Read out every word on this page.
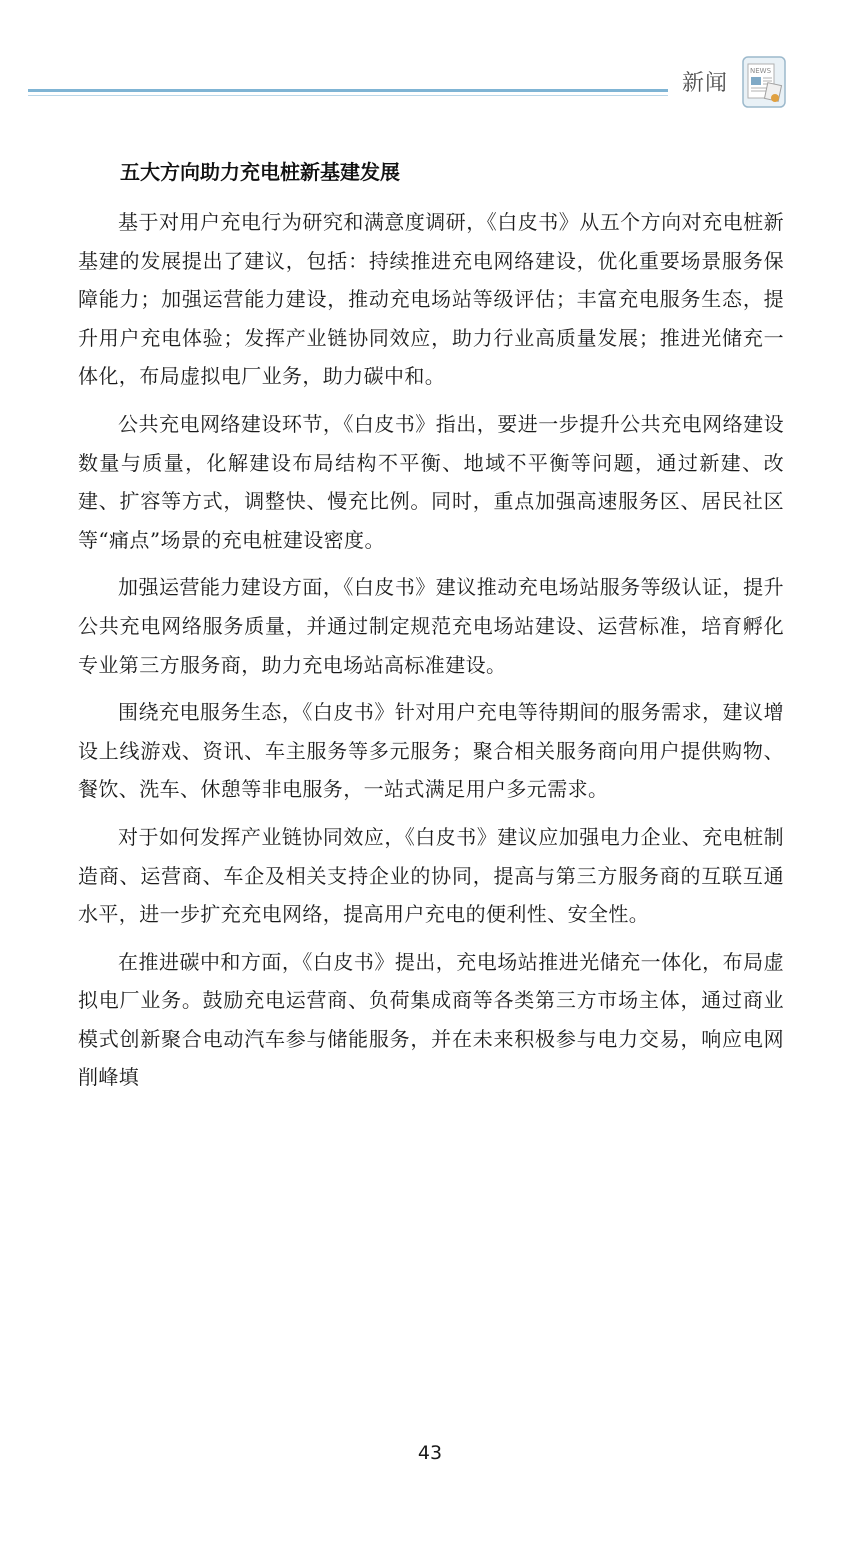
新闻	NEWS
五大方向助力充电桩新基建发展

基于对用户充电行为研究和满意度调研，《白皮书》从五个方向对充电桩新基建的发展提出了建议，包括：持续推进充电网络建设，优化重要场景服务保障能力；加强运营能力建设，推动充电场站等级评估；丰富充电服务生态，提升用户充电体验；发挥产业链协同效应，助力行业高质量发展；推进光储充一体化，布局虚拟电厂业务，助力碳中和。

公共充电网络建设环节，《白皮书》指出，要进一步提升公共充电网络建设数量与质量，化解建设布局结构不平衡、地域不平衡等问题，通过新建、改建、扩容等方式，调整快、慢充比例。同时，重点加强高速服务区、居民社区等“痛点”场景的充电桩建设密度。

加强运营能力建设方面，《白皮书》建议推动充电场站服务等级认证，提升公共充电网络服务质量，并通过制定规范充电场站建设、运营标准，培育孵化专业第三方服务商，助力充电场站高标准建设。

围绕充电服务生态，《白皮书》针对用户充电等待期间的服务需求，建议增设上线游戏、资讯、车主服务等多元服务；聚合相关服务商向用户提供购物、餐饮、洗车、休憩等非电服务，一站式满足用户多元需求。

对于如何发挥产业链协同效应，《白皮书》建议应加强电力企业、充电桩制造商、运营商、车企及相关支持企业的协同，提高与第三方服务商的互联互通水平，进一步扩充充电网络，提高用户充电的便利性、安全性。

在推进碳中和方面，《白皮书》提出，充电场站推进光储充一体化，布局虚拟电厂业务。鼓励充电运营商、负荷集成商等各类第三方市场主体，通过商业模式创新聚合电动汽车参与储能服务，并在未来积极参与电力交易，响应电网削峰填

43
